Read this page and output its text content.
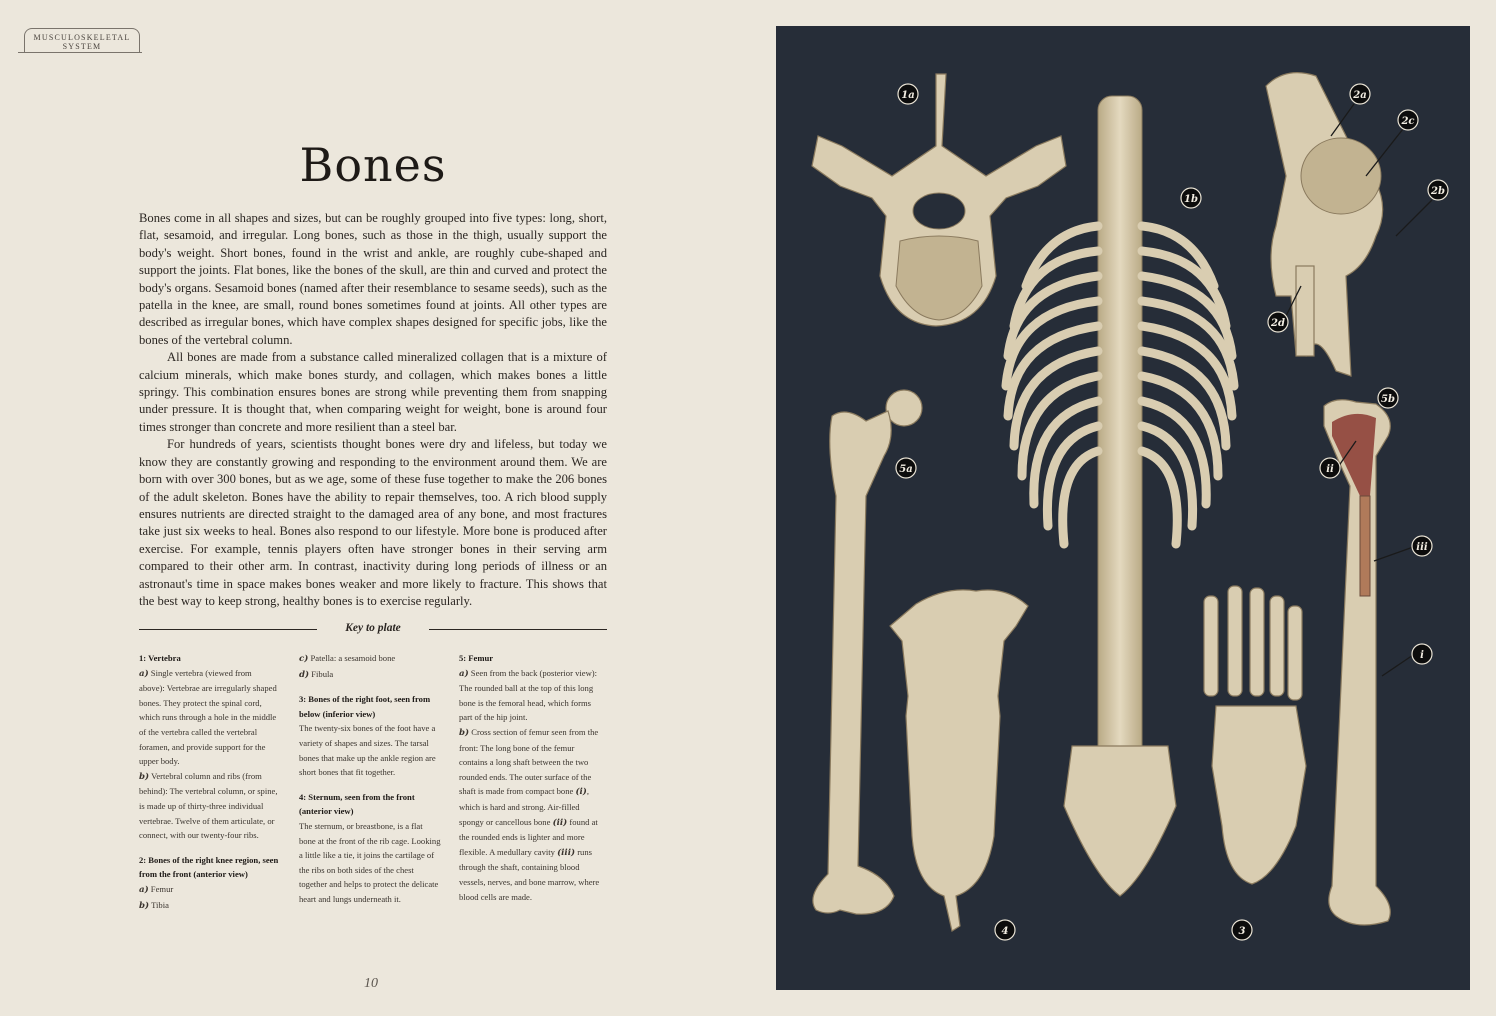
MUSCULOSKELETAL
SYSTEM
Bones

Bones come in all shapes and sizes, but can be roughly grouped into five types: long, short, flat, sesamoid, and irregular. Long bones, such as those in the thigh, usually support the body's weight. Short bones, found in the wrist and ankle, are roughly cube-shaped and support the joints. Flat bones, like the bones of the skull, are thin and curved and protect the body's organs. Sesamoid bones (named after their resemblance to sesame seeds), such as the patella in the knee, are small, round bones sometimes found at joints. All other types are described as irregular bones, which have complex shapes designed for specific jobs, like the bones of the vertebral column.

All bones are made from a substance called mineralized collagen that is a mixture of calcium minerals, which make bones sturdy, and collagen, which makes bones a little springy. This combination ensures bones are strong while preventing them from snapping under pressure. It is thought that, when comparing weight for weight, bone is around four times stronger than concrete and more resilient than a steel bar.

For hundreds of years, scientists thought bones were dry and lifeless, but today we know they are constantly growing and responding to the environment around them. We are born with over 300 bones, but as we age, some of these fuse together to make the 206 bones of the adult skeleton. Bones have the ability to repair themselves, too. A rich blood supply ensures nutrients are directed straight to the damaged area of any bone, and most fractures take just six weeks to heal. Bones also respond to our lifestyle. More bone is produced after exercise. For example, tennis players often have stronger bones in their serving arm compared to their other arm. In contrast, inactivity during long periods of illness or an astronaut's time in space makes bones weaker and more likely to fracture. This shows that the best way to keep strong, healthy bones is to exercise regularly.

Key to plate
1: Vertebra
a) Single vertebra (viewed from above): Vertebrae are irregularly shaped bones. They protect the spinal cord, which runs through a hole in the middle of the vertebra called the vertebral foramen, and provide support for the upper body.
b) Vertebral column and ribs (from behind): The vertebral column, or spine, is made up of thirty-three individual vertebrae. Twelve of them articulate, or connect, with our twenty-four ribs.
2: Bones of the right knee region, seen from the front (anterior view)
a) Femur
b) Tibia
c) Patella: a sesamoid bone
d) Fibula
3: Bones of the right foot, seen from below (inferior view)
The twenty-six bones of the foot have a variety of shapes and sizes. The tarsal bones that make up the ankle region are short bones that fit together.
4: Sternum, seen from the front (anterior view)
The sternum, or breastbone, is a flat bone at the front of the rib cage. Looking a little like a tie, it joins the cartilage of the ribs on both sides of the chest together and helps to protect the delicate heart and lungs underneath it.
5: Femur
a) Seen from the back (posterior view): The rounded ball at the top of this long bone is the femoral head, which forms part of the hip joint.
b) Cross section of femur seen from the front: The long bone of the femur contains a long shaft between the two rounded ends. The outer surface of the shaft is made from compact bone (i), which is hard and strong. Air-filled spongy or cancellous bone (ii) found at the rounded ends is lighter and more flexible. A medullary cavity (iii) runs through the shaft, containing blood vessels, nerves, and bone marrow, where blood cells are made.
10
1a
1b
2a
2c
2b
2d
5b
5a	ii
iii
i
4	3
